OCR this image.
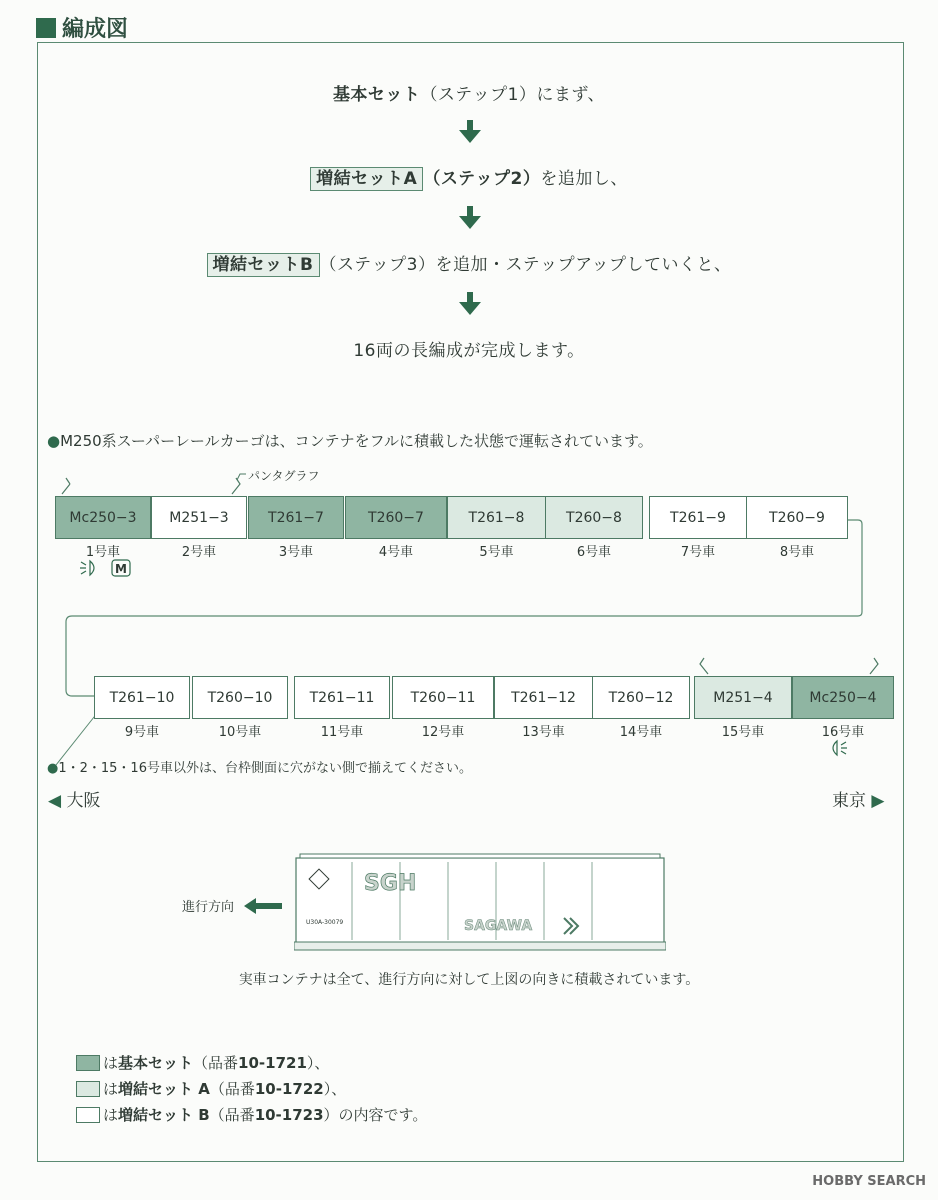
編成図
基本セット（ステップ1）にまず、
増結セットA （ステップ2）を追加し、
増結セットB （ステップ3）を追加・ステップアップしていくと、
16両の長編成が完成します。
●M250系スーパーレールカーゴは、コンテナをフルに積載した状態で運転されています。
パンタグラフ
M
●1・2・15・16号車以外は、台枠側面に穴がない側で揃えてください。
◀ 大阪	東京 ▶
進行方向
SGH
SAGAWA
U30A-30079
実車コンテナは全て、進行方向に対して上図の向きに積載されています。
HOBBY SEARCH
Mc250−3
1号車
M251−3
2号車
T261−7
3号車
T260−7
4号車
T261−8
5号車
T260−8
6号車
T261−9
7号車
T260−9
8号車
T261−10
9号車
T260−10
10号車
T261−11
11号車
T260−11
12号車
T261−12
13号車
T260−12
14号車
M251−4
15号車
Mc250−4
16号車
は 基本セット （品番 10-1721 ）、
は 増結セット A （品番 10-1722 ）、
は 増結セット B （品番 10-1723 ）の内容です。
